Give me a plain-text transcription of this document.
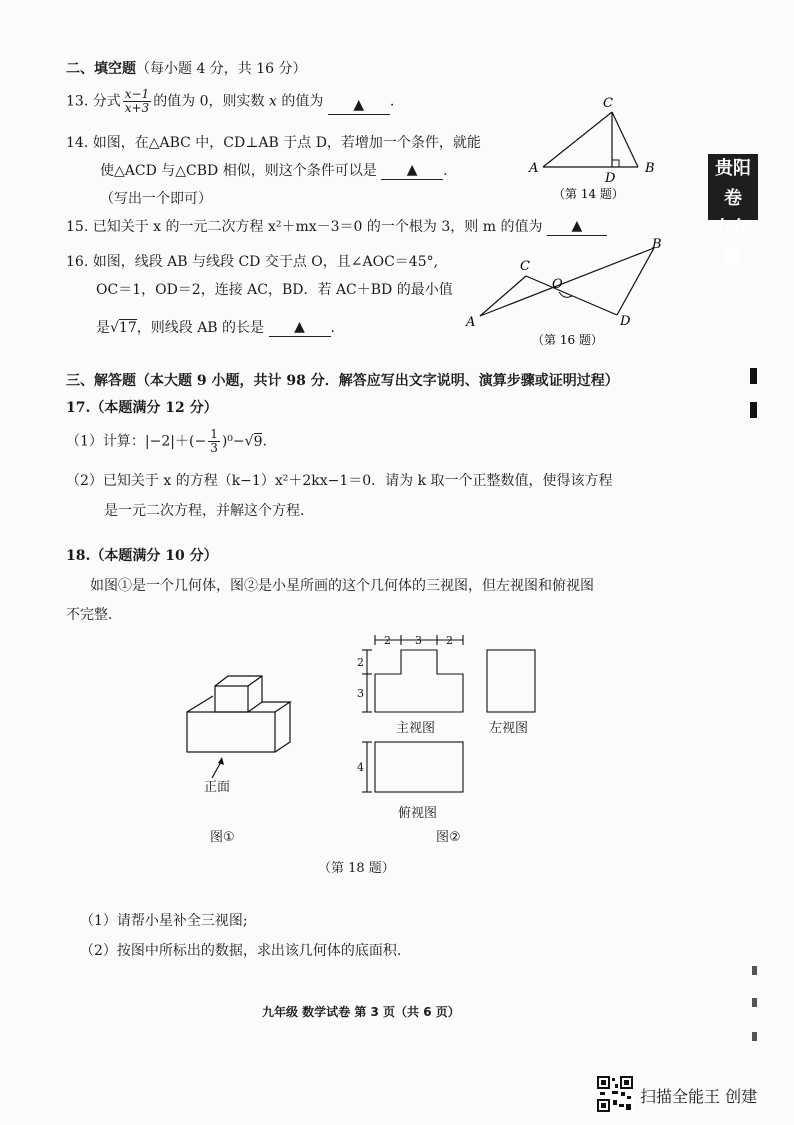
二、填空题（每小题 4 分，共 16 分）
13. 分式 $\frac{x-1}{x+3}$ 的值为 0，则实数 x 的值为 ▲ .
14. 如图，在△ABC 中，CD⊥AB 于点 D，若增加一个条件，就能
使△ACD 与△CBD 相似，则这个条件可以是 ▲ .
（写出一个即可）
C
A	B
D
（第 14 题）
15. 已知关于 x 的一元二次方程 x²＋mx－3＝0 的一个根为 3，则 m 的值为 ▲
16. 如图，线段 AB 与线段 CD 交于点 O，且∠AOC＝45°,
OC＝1，OD＝2，连接 AC，BD．若 AC＋BD 的最小值
是√17，则线段 AB 的长是 ▲ .
C
O
B
A	D
（第 16 题）
三、解答题（本大题 9 小题，共计 98 分．解答应写出文字说明、演算步骤或证明过程）
17.（本题满分 12 分）
（1）计算：$|-2|+(- \frac{1}{3} )^0-√9$.
（2）已知关于 x 的方程（k−1）x²＋2kx−1＝0．请为 k 取一个正整数值，使得该方程
是一元二次方程，并解这个方程.
18.（本题满分 10 分）
如图①是一个几何体，图②是小星所画的这个几何体的三视图，但左视图和俯视图
不完整．
正面
图①
2 3 2
2
3
4
主视图	左视图
俯视图
图②
（第 18 题）
（1）请帮小星补全三视图;
（2）按图中所标出的数据，求出该几何体的底面积.
九年级 数学试卷 第 3 页（共 6 页）
贵阳卷
九年级
扫描全能王 创建
